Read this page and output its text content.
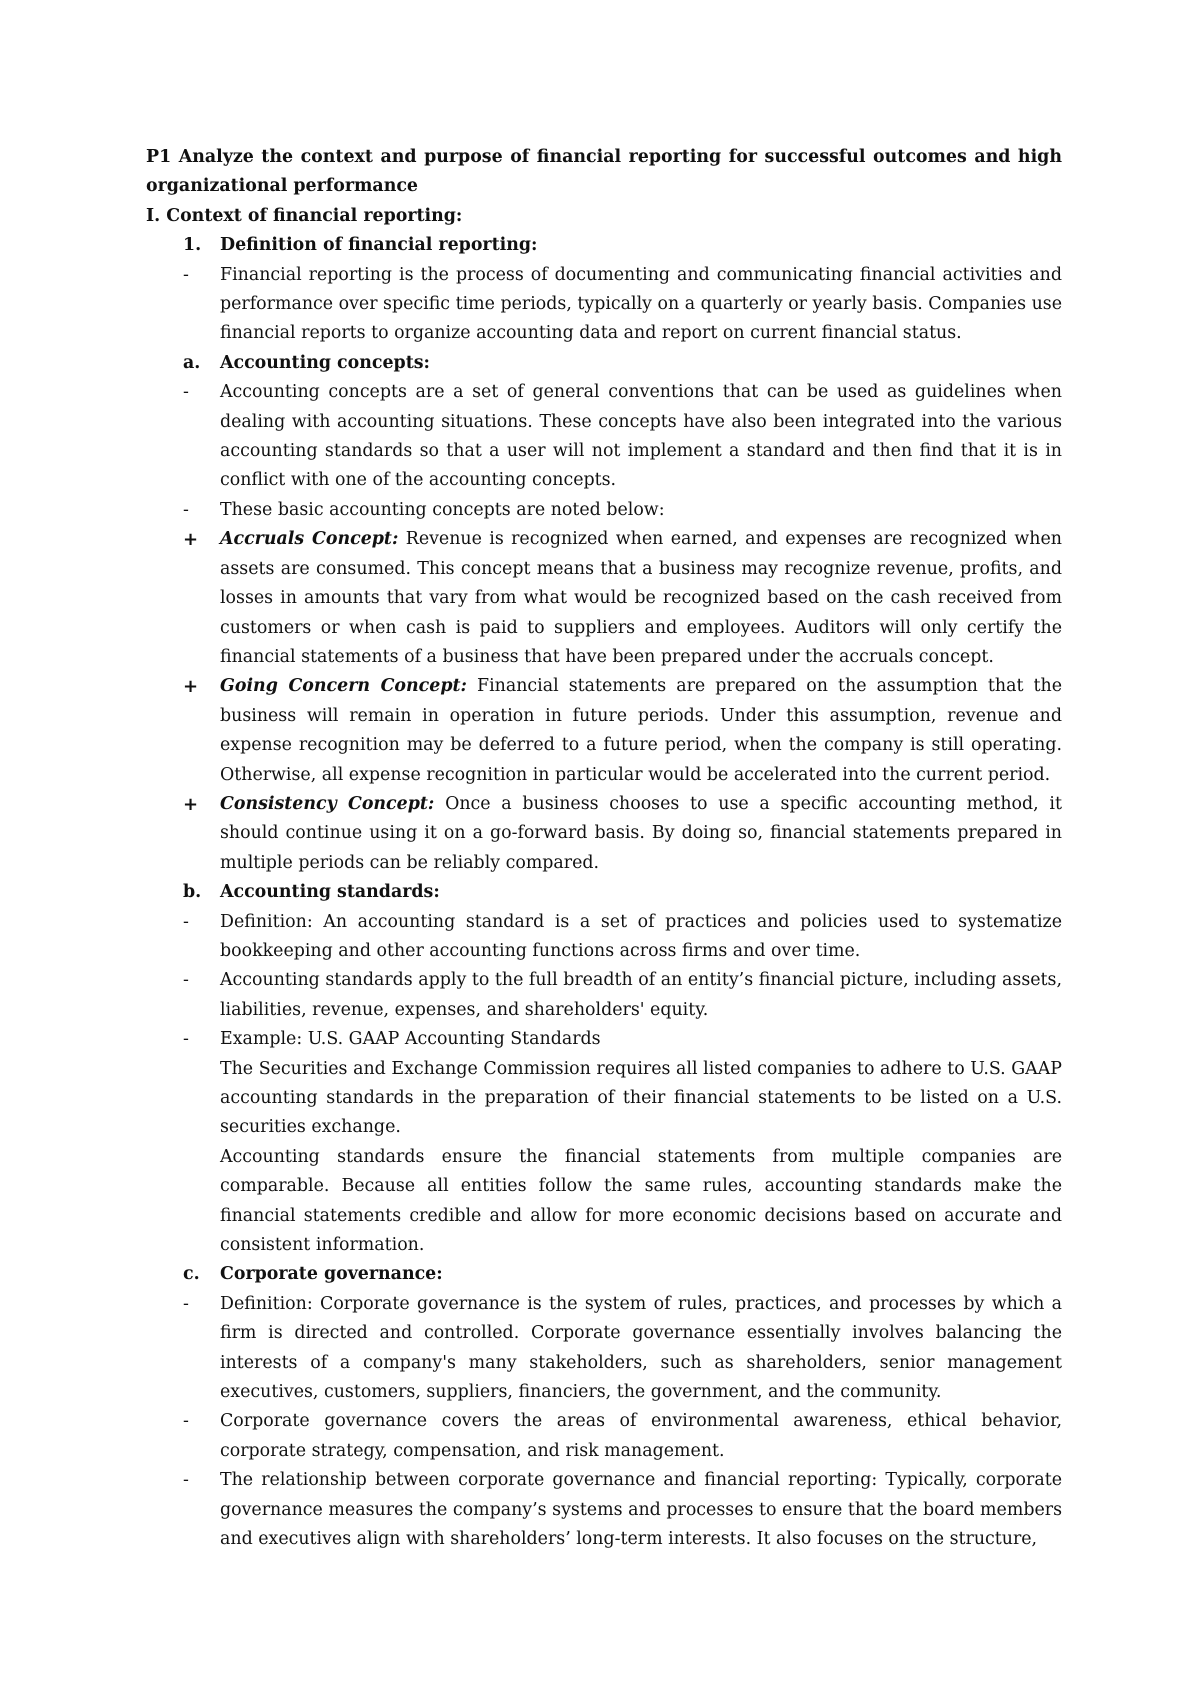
P1 Analyze the context and purpose of financial reporting for successful outcomes and high organizational performance

I. Context of financial reporting:

1.	Definition of financial reporting:

-	Financial reporting is the process of documenting and communicating financial activities and performance over specific time periods, typically on a quarterly or yearly basis. Companies use financial reports to organize accounting data and report on current financial status.

a.	Accounting concepts:

-	Accounting concepts are a set of general conventions that can be used as guidelines when dealing with accounting situations. These concepts have also been integrated into the various accounting standards so that a user will not implement a standard and then find that it is in conflict with one of the accounting concepts.

-	These basic accounting concepts are noted below:

+	Accruals Concept: Revenue is recognized when earned, and expenses are recognized when assets are consumed. This concept means that a business may recognize revenue, profits, and losses in amounts that vary from what would be recognized based on the cash received from customers or when cash is paid to suppliers and employees. Auditors will only certify the financial statements of a business that have been prepared under the accruals concept.

+	Going Concern Concept: Financial statements are prepared on the assumption that the business will remain in operation in future periods. Under this assumption, revenue and expense recognition may be deferred to a future period, when the company is still operating. Otherwise, all expense recognition in particular would be accelerated into the current period.

+	Consistency Concept: Once a business chooses to use a specific accounting method, it should continue using it on a go-forward basis. By doing so, financial statements prepared in multiple periods can be reliably compared.

b.	Accounting standards:

-	Definition: An accounting standard is a set of practices and policies used to systematize bookkeeping and other accounting functions across firms and over time.

-	Accounting standards apply to the full breadth of an entity’s financial picture, including assets, liabilities, revenue, expenses, and shareholders' equity.

-	Example: U.S. GAAP Accounting Standards

The Securities and Exchange Commission requires all listed companies to adhere to U.S. GAAP accounting standards in the preparation of their financial statements to be listed on a U.S. securities exchange.

Accounting standards ensure the financial statements from multiple companies are comparable. Because all entities follow the same rules, accounting standards make the financial statements credible and allow for more economic decisions based on accurate and consistent information.

c.	Corporate governance:

-	Definition: Corporate governance is the system of rules, practices, and processes by which a firm is directed and controlled. Corporate governance essentially involves balancing the interests of a company's many stakeholders, such as shareholders, senior management executives, customers, suppliers, financiers, the government, and the community.

-	Corporate governance covers the areas of environmental awareness, ethical behavior, corporate strategy, compensation, and risk management.

-	The relationship between corporate governance and financial reporting: Typically, corporate governance measures the company’s systems and processes to ensure that the board members and executives align with shareholders’ long-term interests. It also focuses on the structure,
